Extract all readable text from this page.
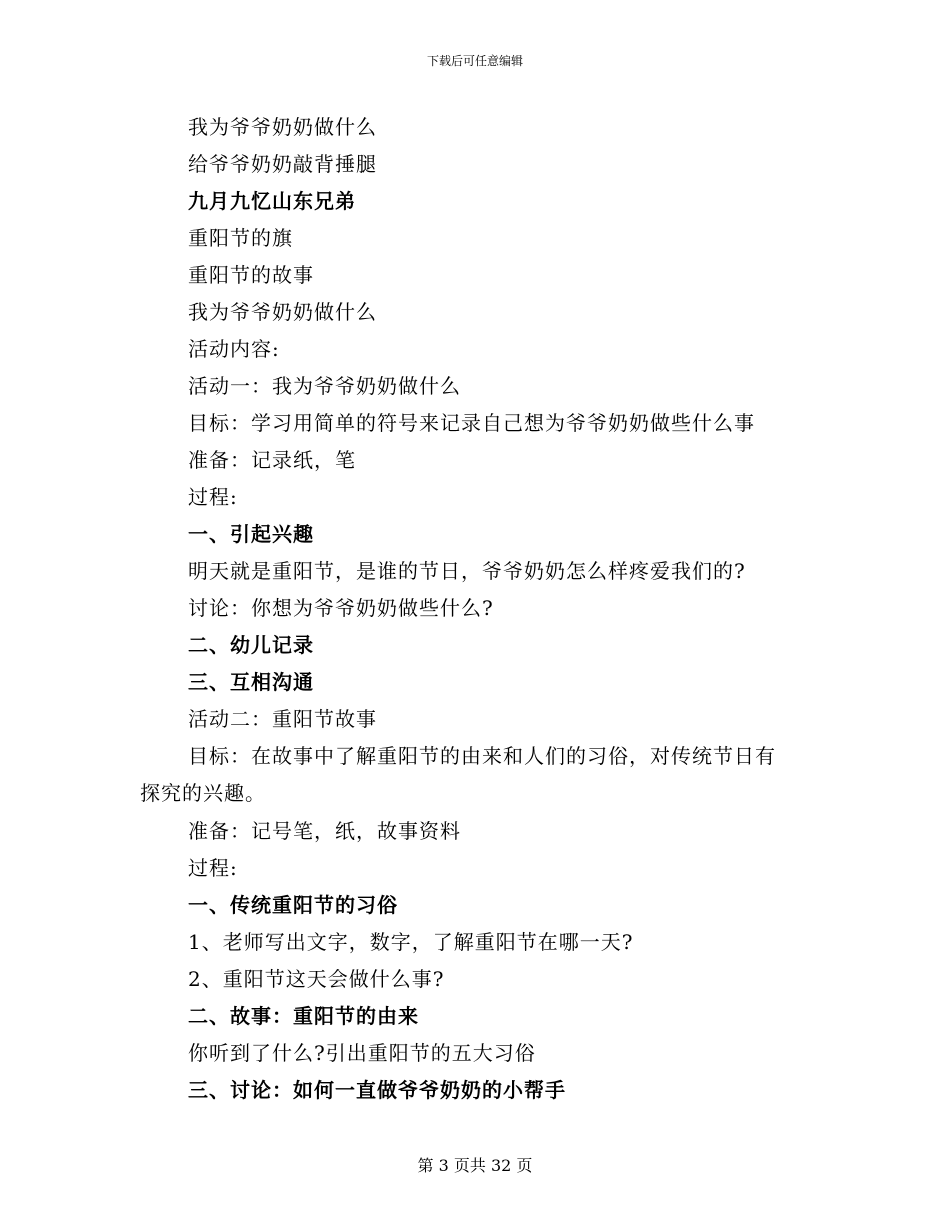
下载后可任意编辑
我为爷爷奶奶做什么
给爷爷奶奶敲背捶腿
九月九忆山东兄弟
重阳节的旗
重阳节的故事
我为爷爷奶奶做什么
活动内容:
活动一：我为爷爷奶奶做什么
目标：学习用简单的符号来记录自己想为爷爷奶奶做些什么事
准备：记录纸，笔
过程:
一、引起兴趣
明天就是重阳节，是谁的节日，爷爷奶奶怎么样疼爱我们的?
讨论：你想为爷爷奶奶做些什么?
二、幼儿记录
三、互相沟通
活动二：重阳节故事
目标：在故事中了解重阳节的由来和人们的习俗，对传统节日有
探究的兴趣。
准备：记号笔，纸，故事资料
过程:
一、传统重阳节的习俗
1、老师写出文字，数字，了解重阳节在哪一天?
2、重阳节这天会做什么事?
二、故事：重阳节的由来
你听到了什么?引出重阳节的五大习俗
三、讨论：如何一直做爷爷奶奶的小帮手
第 3 页共 32 页
